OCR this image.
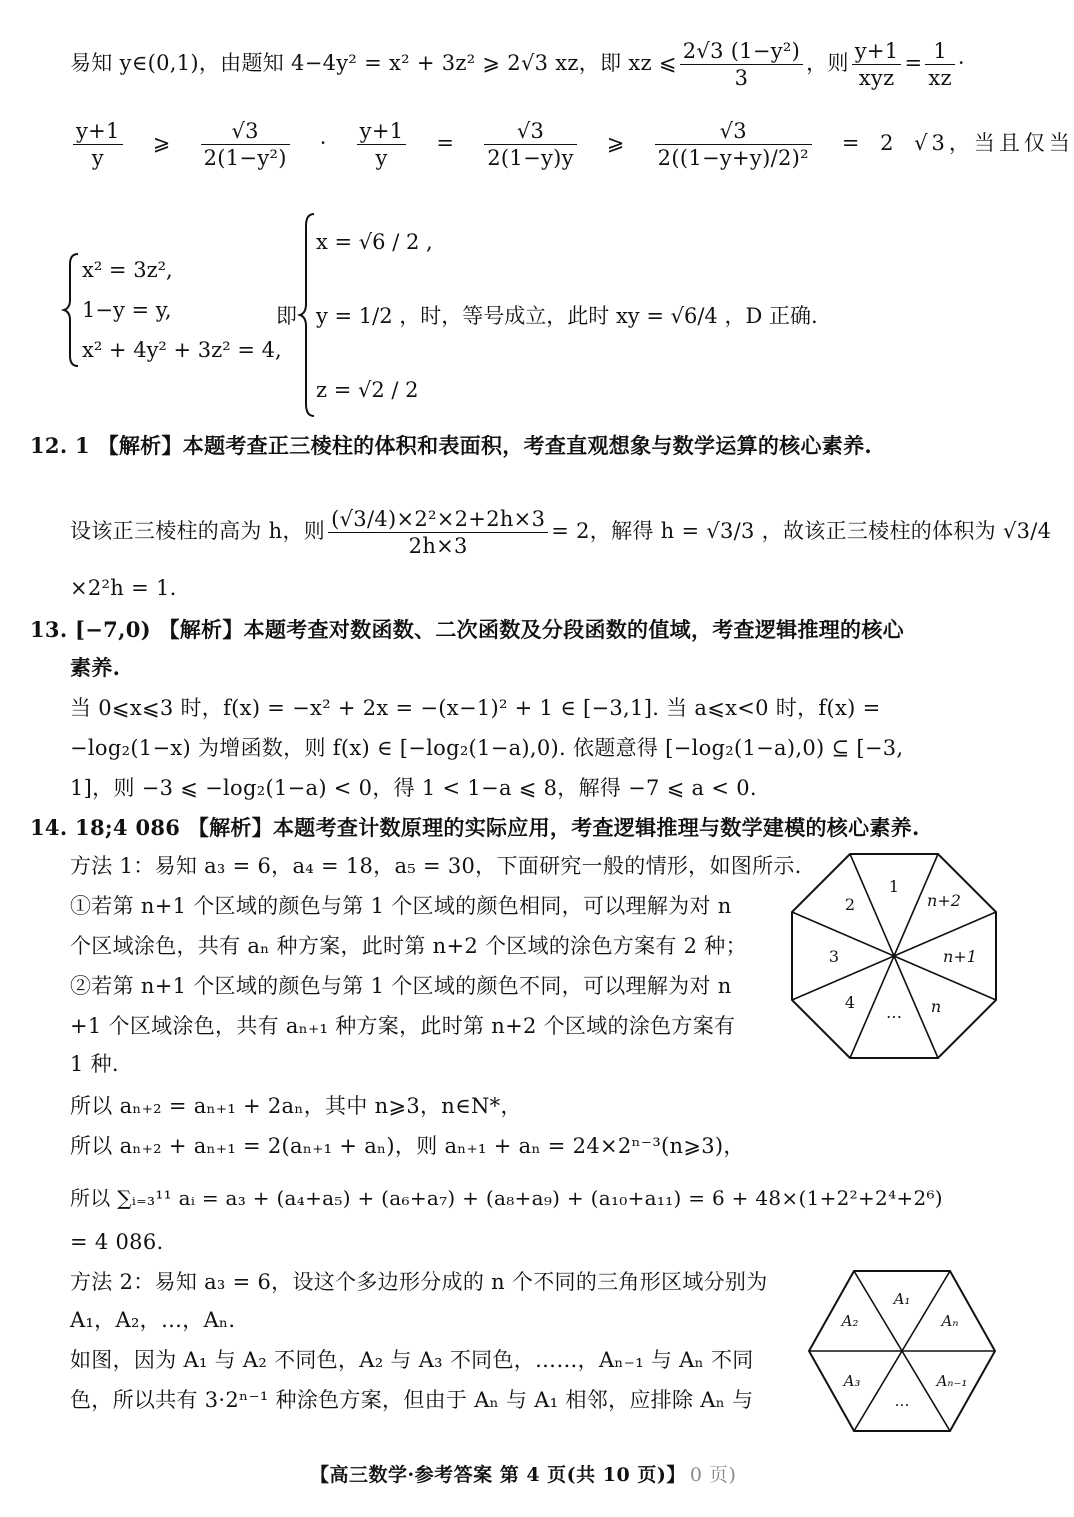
易知 y∈(0,1)，由题知 4−4y² = x² + 3z² ⩾ 2√3 xz，即 xz ⩽ $\frac{\text{2√3 (1−y²)}}{3}$ ，则 $\frac{y+1}{\text{xyz}} = \frac{1}{xz}$ ·
$\frac{y+1}{y}$ ⩾ $\frac{√3}{\text{2(1−y²)}} \cdot \frac{y+1}{y} = \frac{√3}{2(1-y)y}$ ⩾ $\frac{√3}{\text{2((1−y+y)/2)²}} = 2$ √3，当且仅当
x² = 3z²,
1−y = y,
x² + 4y² + 3z² = 4,
即
x = √6 / 2 ,
y = 1/2 ，时，等号成立，此时 xy = √6/4 ，D 正确.
z = √2 / 2
12. 1 【解析】本题考查正三棱柱的体积和表面积，考查直观想象与数学运算的核心素养.
设该正三棱柱的高为 h，则 $\frac{\text{(√3/4)×2²×2+2h×3}}{2h\times 3} = 2$，解得 h = √3/3 ，故该正三棱柱的体积为 √3/4
×2²h = 1.
13. [−7,0) 【解析】本题考查对数函数、二次函数及分段函数的值域，考查逻辑推理的核心
素养.
当 0⩽x⩽3 时，f(x) = −x² + 2x = −(x−1)² + 1 ∈ [−3,1]. 当 a⩽x<0 时，f(x) =
−log₂(1−x) 为增函数，则 f(x) ∈ [−log₂(1−a),0). 依题意得 [−log₂(1−a),0) ⊆ [−3,
1]，则 −3 ⩽ −log₂(1−a) < 0，得 1 < 1−a ⩽ 8，解得 −7 ⩽ a < 0.
14. 18;4 086 【解析】本题考查计数原理的实际应用，考查逻辑推理与数学建模的核心素养.
方法 1：易知 a₃ = 6，a₄ = 18，a₅ = 30，下面研究一般的情形，如图所示.
①若第 n+1 个区域的颜色与第 1 个区域的颜色相同，可以理解为对 n
个区域涂色，共有 aₙ 种方案，此时第 n+2 个区域的涂色方案有 2 种；
②若第 n+1 个区域的颜色与第 1 个区域的颜色不同，可以理解为对 n
+1 个区域涂色，共有 aₙ₊₁ 种方案，此时第 n+2 个区域的涂色方案有
1 种.
所以 aₙ₊₂ = aₙ₊₁ + 2aₙ，其中 n⩾3，n∈N*，
所以 aₙ₊₂ + aₙ₊₁ = 2(aₙ₊₁ + aₙ)，则 aₙ₊₁ + aₙ = 24×2ⁿ⁻³(n⩾3)，
所以 ∑ᵢ₌₃¹¹ aᵢ = a₃ + (a₄+a₅) + (a₆+a₇) + (a₈+a₉) + (a₁₀+a₁₁) = 6 + 48×(1+2²+2⁴+2⁶)
= 4 086.
方法 2：易知 a₃ = 6，设这个多边形分成的 n 个不同的三角形区域分别为
A₁，A₂，…，Aₙ.
如图，因为 A₁ 与 A₂ 不同色，A₂ 与 A₃ 不同色，……，Aₙ₋₁ 与 Aₙ 不同
色，所以共有 3·2ⁿ⁻¹ 种涂色方案，但由于 Aₙ 与 A₁ 相邻，应排除 Aₙ 与
1
n+2
n+1
n
…
4
3
2
A₁
Aₙ
Aₙ₋₁
…
A₃
A₂
【高三数学·参考答案 第 4 页(共 10 页)】 0 页)
